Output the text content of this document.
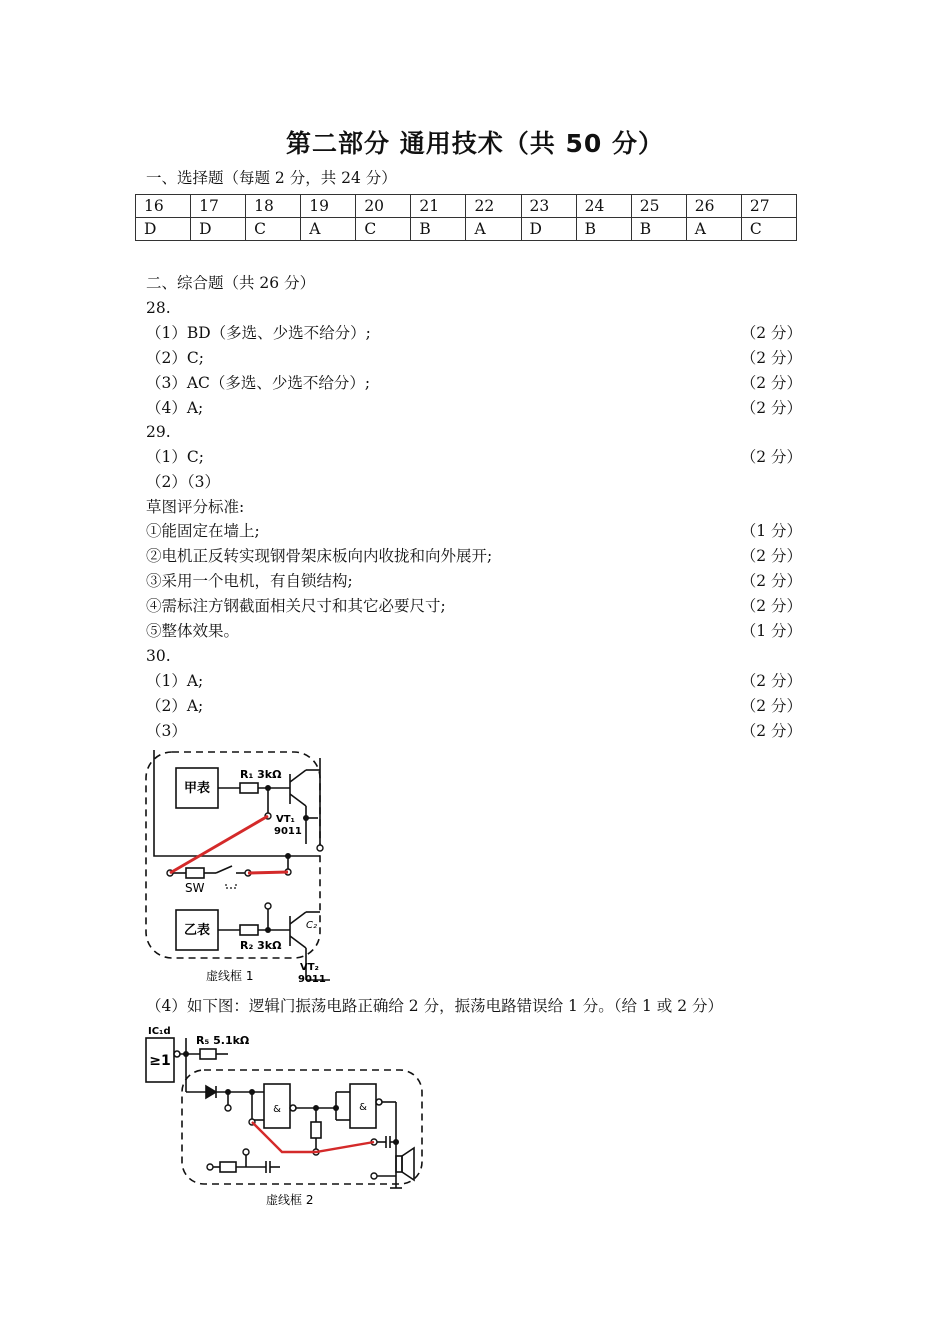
第二部分 通用技术（共 50 分）
一、选择题（每题 2 分，共 24 分）
16	17	18	19	20	21	22	23	24	25	26	27
D	D	C	A	C	B	A	D	B	B	A	C
二、综合题（共 26 分）
28.
（1）BD（多选、少选不给分）;	（2 分）
（2）C;	（2 分）
（3）AC（多选、少选不给分）;	（2 分）
（4）A;	（2 分）
29.
（1）C;	（2 分）
（2）（3）
草图评分标准:
①能固定在墙上;	（1 分）
②电机正反转实现钢骨架床板向内收拢和向外展开;	（2 分）
③采用一个电机，有自锁结构;	（2 分）
④需标注方钢截面相关尺寸和其它必要尺寸;	（2 分）
⑤整体效果。	（1 分）
30.
（1）A;	（2 分）
（2）A;	（2 分）
（3）	（2 分）
甲表
乙表
R₁ 3kΩ
R₂ 3kΩ
VT₁
9011
VT₂
9011
SW
C₂
虚线框 1
（4）如下图：逻辑门振荡电路正确给 2 分，振荡电路错误给 1 分。（给 1 或 2 分）
IC₁d
≥1
R₅ 5.1kΩ
&	&
虚线框 2
